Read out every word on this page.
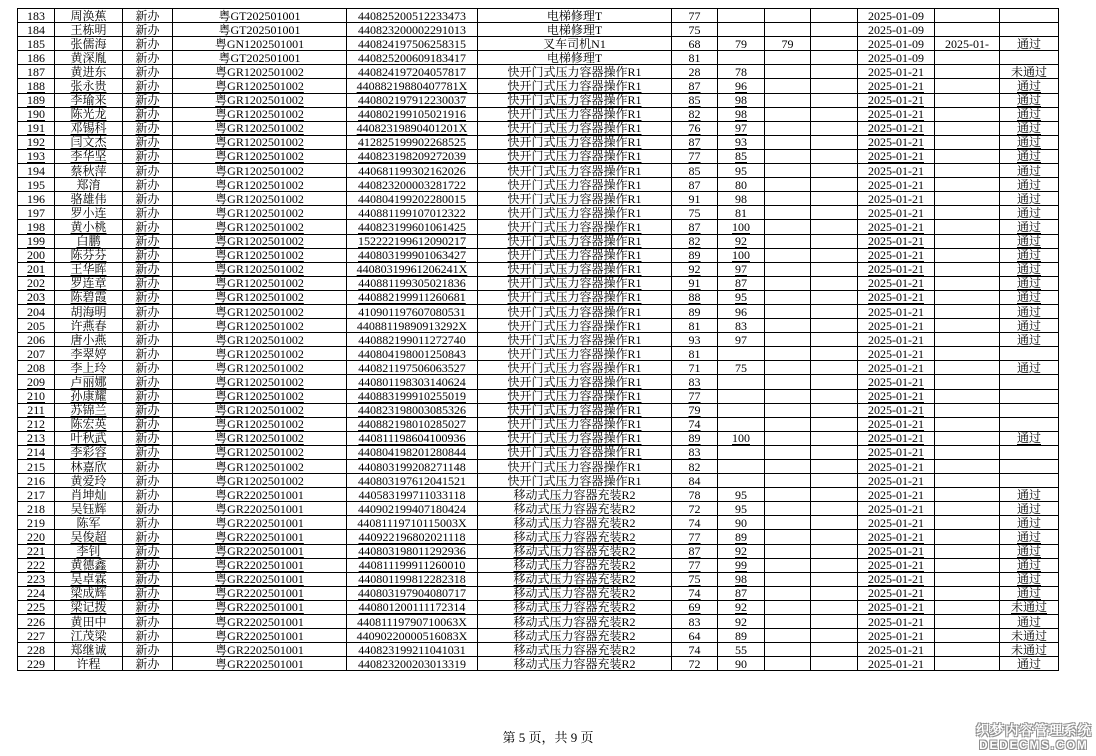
183	周涣蕉	新办	粤GT202501001	440825200512233473	电梯修理T	77				2025-01-09		
184	王栋明	新办	粤GT202501001	440823200002291013	电梯修理T	75				2025-01-09		
185	张儒海	新办	粤GN1202501001	440824197506258315	叉车司机N1	68	79	79		2025-01-09	2025-01-	通过
186	黄深胤	新办	粤GT202501001	440825200609183417	电梯修理T	81				2025-01-09		
187	黄进东	新办	粤GR1202501002	440824197204057817	快开门式压力容器操作R1	28	78			2025-01-21		未通过
188	张永贵	新办	粤GR1202501002	44088219880407781X	快开门式压力容器操作R1	87	96			2025-01-21		通过
189	李瑜来	新办	粤GR1202501002	440802197912230037	快开门式压力容器操作R1	85	98			2025-01-21		通过
190	陈光龙	新办	粤GR1202501002	440802199105021916	快开门式压力容器操作R1	82	98			2025-01-21		通过
191	邓锡科	新办	粤GR1202501002	44082319890401201X	快开门式压力容器操作R1	76	97			2025-01-21		通过
192	闫文杰	新办	粤GR1202501002	412825199902268525	快开门式压力容器操作R1	87	93			2025-01-21		通过
193	李华坚	新办	粤GR1202501002	440823198209272039	快开门式压力容器操作R1	77	85			2025-01-21		通过
194	蔡秋萍	新办	粤GR1202501002	440681199302162026	快开门式压力容器操作R1	85	95			2025-01-21		通过
195	郑淯	新办	粤GR1202501002	440823200003281722	快开门式压力容器操作R1	87	80			2025-01-21		通过
196	骆雄伟	新办	粤GR1202501002	440804199202280015	快开门式压力容器操作R1	91	98			2025-01-21		通过
197	罗小连	新办	粤GR1202501002	440881199107012322	快开门式压力容器操作R1	75	81			2025-01-21		通过
198	黄小桃	新办	粤GR1202501002	440823199601061425	快开门式压力容器操作R1	87	100			2025-01-21		通过
199	白鹏	新办	粤GR1202501002	152222199612090217	快开门式压力容器操作R1	82	92			2025-01-21		通过
200	陈芬芬	新办	粤GR1202501002	440803199901063427	快开门式压力容器操作R1	89	100			2025-01-21		通过
201	王华晖	新办	粤GR1202501002	44080319961206241X	快开门式压力容器操作R1	92	97			2025-01-21		通过
202	罗连章	新办	粤GR1202501002	440881199305021836	快开门式压力容器操作R1	91	87			2025-01-21		通过
203	陈碧霞	新办	粤GR1202501002	440882199911260681	快开门式压力容器操作R1	88	95			2025-01-21		通过
204	胡海明	新办	粤GR1202501002	410901197607080531	快开门式压力容器操作R1	89	96			2025-01-21		通过
205	许燕春	新办	粤GR1202501002	44088119890913292X	快开门式压力容器操作R1	81	83			2025-01-21		通过
206	唐小燕	新办	粤GR1202501002	440882199011272740	快开门式压力容器操作R1	93	97			2025-01-21		通过
207	李翠婷	新办	粤GR1202501002	440804198001250843	快开门式压力容器操作R1	81				2025-01-21		
208	李上玲	新办	粤GR1202501002	440821197506063527	快开门式压力容器操作R1	71	75			2025-01-21		通过
209	卢丽娜	新办	粤GR1202501002	440801198303140624	快开门式压力容器操作R1	83				2025-01-21		
210	孙康耀	新办	粤GR1202501002	440883199910255019	快开门式压力容器操作R1	77				2025-01-21		
211	苏锦兰	新办	粤GR1202501002	440823198003085326	快开门式压力容器操作R1	79				2025-01-21		
212	陈宏英	新办	粤GR1202501002	440882198010285027	快开门式压力容器操作R1	74				2025-01-21		
213	叶秋武	新办	粤GR1202501002	440811198604100936	快开门式压力容器操作R1	89	100			2025-01-21		通过
214	李彩容	新办	粤GR1202501002	440804198201280844	快开门式压力容器操作R1	83				2025-01-21		
215	林嘉欣	新办	粤GR1202501002	440803199208271148	快开门式压力容器操作R1	82				2025-01-21		
216	黄爱玲	新办	粤GR1202501002	440803197612041521	快开门式压力容器操作R1	84				2025-01-21		
217	肖坤灿	新办	粤GR2202501001	440583199711033118	移动式压力容器充装R2	78	95			2025-01-21		通过
218	吴钰辉	新办	粤GR2202501001	440902199407180424	移动式压力容器充装R2	72	95			2025-01-21		通过
219	陈军	新办	粤GR2202501001	44081119710115003X	移动式压力容器充装R2	74	90			2025-01-21		通过
220	吴俊超	新办	粤GR2202501001	440922196802021118	移动式压力容器充装R2	77	89			2025-01-21		通过
221	李钊	新办	粤GR2202501001	440803198011292936	移动式压力容器充装R2	87	92			2025-01-21		通过
222	黄德鑫	新办	粤GR2202501001	440811199911260010	移动式压力容器充装R2	77	99			2025-01-21		通过
223	吴卓霖	新办	粤GR2202501001	440801199812282318	移动式压力容器充装R2	75	98			2025-01-21		通过
224	梁成辉	新办	粤GR2202501001	440803197904080717	移动式压力容器充装R2	74	87			2025-01-21		通过
225	梁记拨	新办	粤GR2202501001	440801200111172314	移动式压力容器充装R2	69	92			2025-01-21		未通过
226	黄田中	新办	粤GR2202501001	44081119790710063X	移动式压力容器充装R2	83	92			2025-01-21		通过
227	江茂梁	新办	粤GR2202501001	44090220000516083X	移动式压力容器充装R2	64	89			2025-01-21		未通过
228	郑继诚	新办	粤GR2202501001	440823199211041031	移动式压力容器充装R2	74	55			2025-01-21		未通过
229	许程	新办	粤GR2202501001	440823200203013319	移动式压力容器充装R2	72	90			2025-01-21		通过
第 5 页，共 9 页	织梦内容管理系统
DEDECMS.COM
